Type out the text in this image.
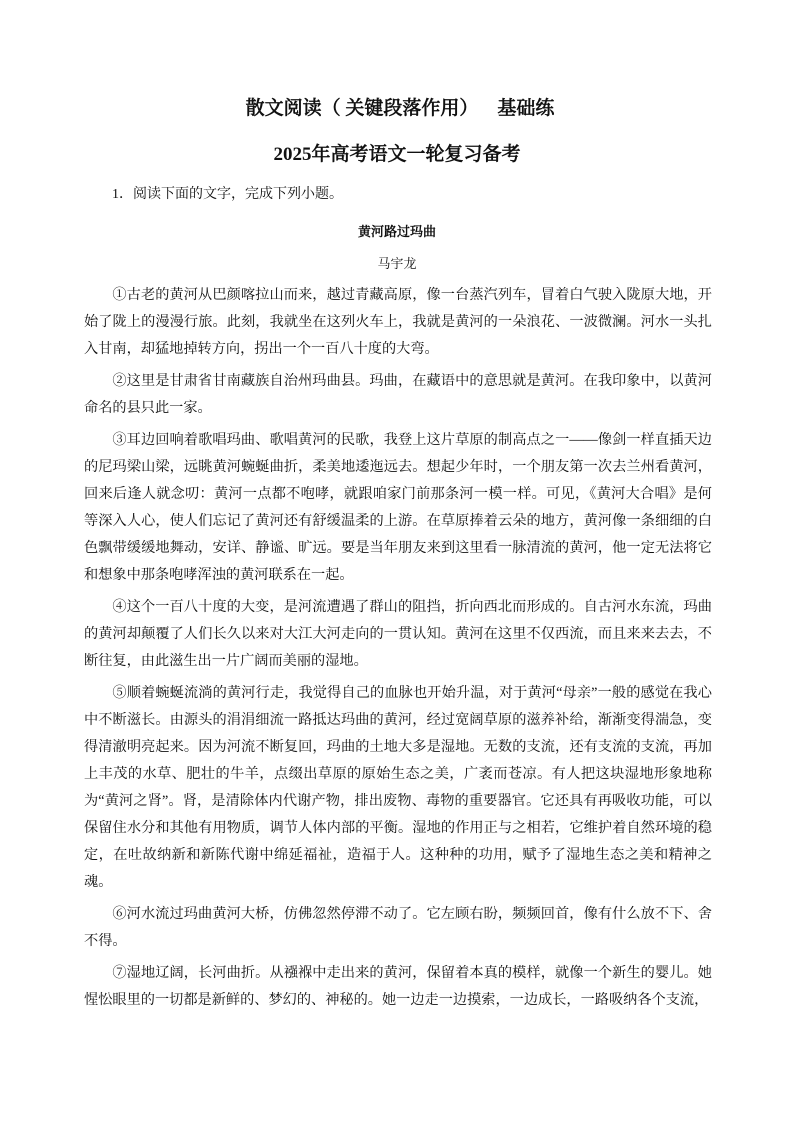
散文阅读（ 关键段落作用）    基础练
2025年高考语文一轮复习备考

1．阅读下面的文字，完成下列小题。

黄河路过玛曲
马宇龙

①古老的黄河从巴颜喀拉山而来，越过青藏高原，像一台蒸汽列车，冒着白气驶入陇原大地，开始了陇上的漫漫行旅。此刻，我就坐在这列火车上，我就是黄河的一朵浪花、一波微澜。河水一头扎入甘南，却猛地掉转方向，拐出一个一百八十度的大弯。

②这里是甘肃省甘南藏族自治州玛曲县。玛曲，在藏语中的意思就是黄河。在我印象中，以黄河命名的县只此一家。

③耳边回响着歌唱玛曲、歌唱黄河的民歌，我登上这片草原的制高点之一——像剑一样直插天边的尼玛梁山梁，远眺黄河蜿蜒曲折，柔美地逶迤远去。想起少年时，一个朋友第一次去兰州看黄河，回来后逢人就念叨：黄河一点都不咆哮，就跟咱家门前那条河一模一样。可见，《黄河大合唱》是何等深入人心，使人们忘记了黄河还有舒缓温柔的上游。在草原捧着云朵的地方，黄河像一条细细的白色飘带缓缓地舞动，安详、静谧、旷远。要是当年朋友来到这里看一脉清流的黄河，他一定无法将它和想象中那条咆哮浑浊的黄河联系在一起。

④这个一百八十度的大变，是河流遭遇了群山的阻挡，折向西北而形成的。自古河水东流，玛曲的黄河却颠覆了人们长久以来对大江大河走向的一贯认知。黄河在这里不仅西流，而且来来去去，不断往复，由此滋生出一片广阔而美丽的湿地。

⑤顺着蜿蜒流淌的黄河行走，我觉得自己的血脉也开始升温，对于黄河“母亲”一般的感觉在我心中不断滋长。由源头的涓涓细流一路抵达玛曲的黄河，经过宽阔草原的滋养补给，渐渐变得湍急，变得清澈明亮起来。因为河流不断复回，玛曲的土地大多是湿地。无数的支流，还有支流的支流，再加上丰茂的水草、肥壮的牛羊，点缀出草原的原始生态之美，广袤而苍凉。有人把这块湿地形象地称为“黄河之肾”。肾，是清除体内代谢产物，排出废物、毒物的重要器官。它还具有再吸收功能，可以保留住水分和其他有用物质，调节人体内部的平衡。湿地的作用正与之相若，它维护着自然环境的稳定，在吐故纳新和新陈代谢中绵延福祉，造福于人。这种种的功用，赋予了湿地生态之美和精神之魂。

⑥河水流过玛曲黄河大桥，仿佛忽然停滞不动了。它左顾右盼，频频回首，像有什么放不下、舍不得。

⑦湿地辽阔，长河曲折。从襁褓中走出来的黄河，保留着本真的模样，就像一个新生的婴儿。她惺忪眼里的一切都是新鲜的、梦幻的、神秘的。她一边走一边摸索，一边成长，一路吸纳各个支流，
